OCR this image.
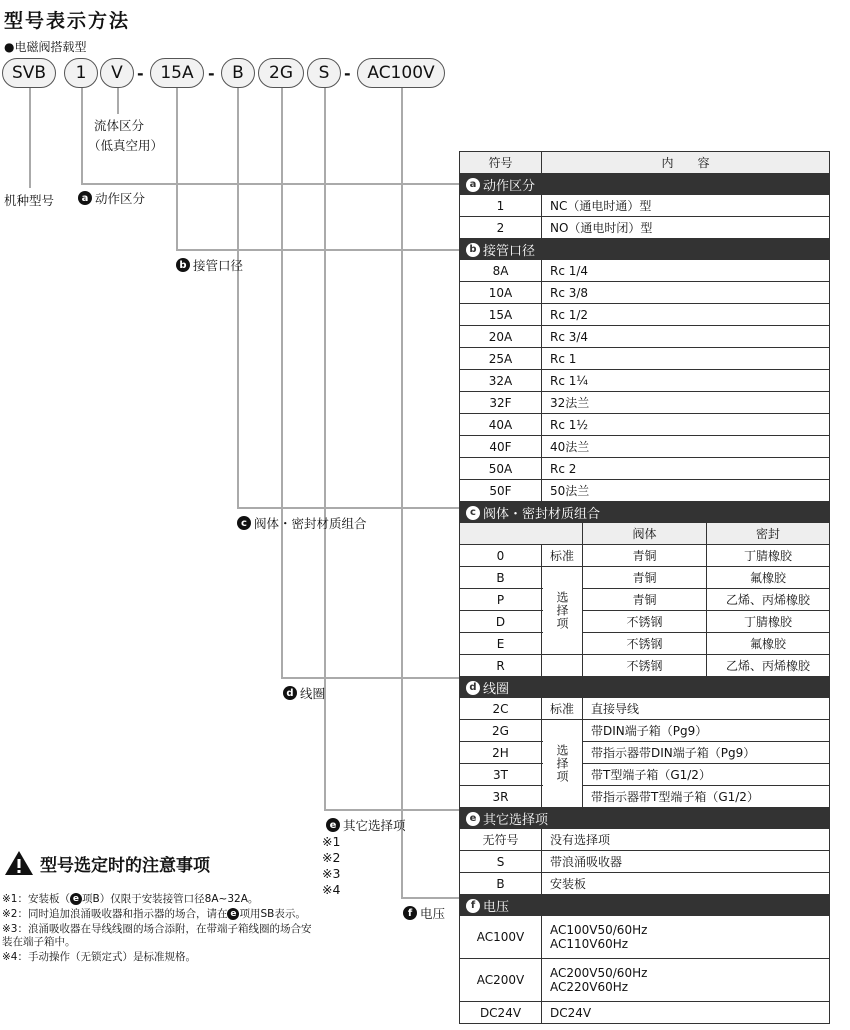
型号表示方法
●电磁阀搭载型
SVB	1	V - 15A -	B	2G	S - AC100V
流体区分
（低真空用）
机种型号	a 动作区分
b 接管口径
c 阀体・密封材质组合
d 线圈
e 其它选择项
f 电压
※1
※2
※3
※4
型号选定时的注意事项
※1：安装板（ e 项B）仅限于安装接管口径8A~32A。
※2：同时追加浪涌吸收器和指示器的场合，请在 e 项用SB表示。
※3：浪涌吸收器在导线线圈的场合添附，在带端子箱线圈的场合安装在端子箱中。
※4：手动操作（无锁定式）是标准规格。
符号	内　　容
a 动作区分
1	NC（通电时通）型
2	NO（通电时闭）型
b 接管口径
8A	Rc 1/4
10A	Rc 3/8
15A	Rc 1/2
20A	Rc 3/4
25A	Rc 1
32A	Rc 1¼
32F	32法兰
40A	Rc 1½
40F	40法兰
50A	Rc 2
50F	50法兰
c 阀体・密封材质组合
阀体	密封
0	标准	青铜	丁腈橡胶
B	青铜	氟橡胶
P	青铜	乙烯、丙烯橡胶
D	不锈钢	丁腈橡胶
E	不锈钢	氟橡胶
R	不锈钢	乙烯、丙烯橡胶
选择项
d 线圈
2C	标准	直接导线
2G	带DIN端子箱（Pg9）
2H	带指示器带DIN端子箱（Pg9）
3T	带T型端子箱（G1/2）
3R	带指示器带T型端子箱（G1/2）
选择项
e 其它选择项
无符号	没有选择项
S	带浪涌吸收器
B	安装板
f 电压
AC100V	AC100V50/60Hz
AC110V60Hz
AC200V	AC200V50/60Hz
AC220V60Hz
DC24V	DC24V
